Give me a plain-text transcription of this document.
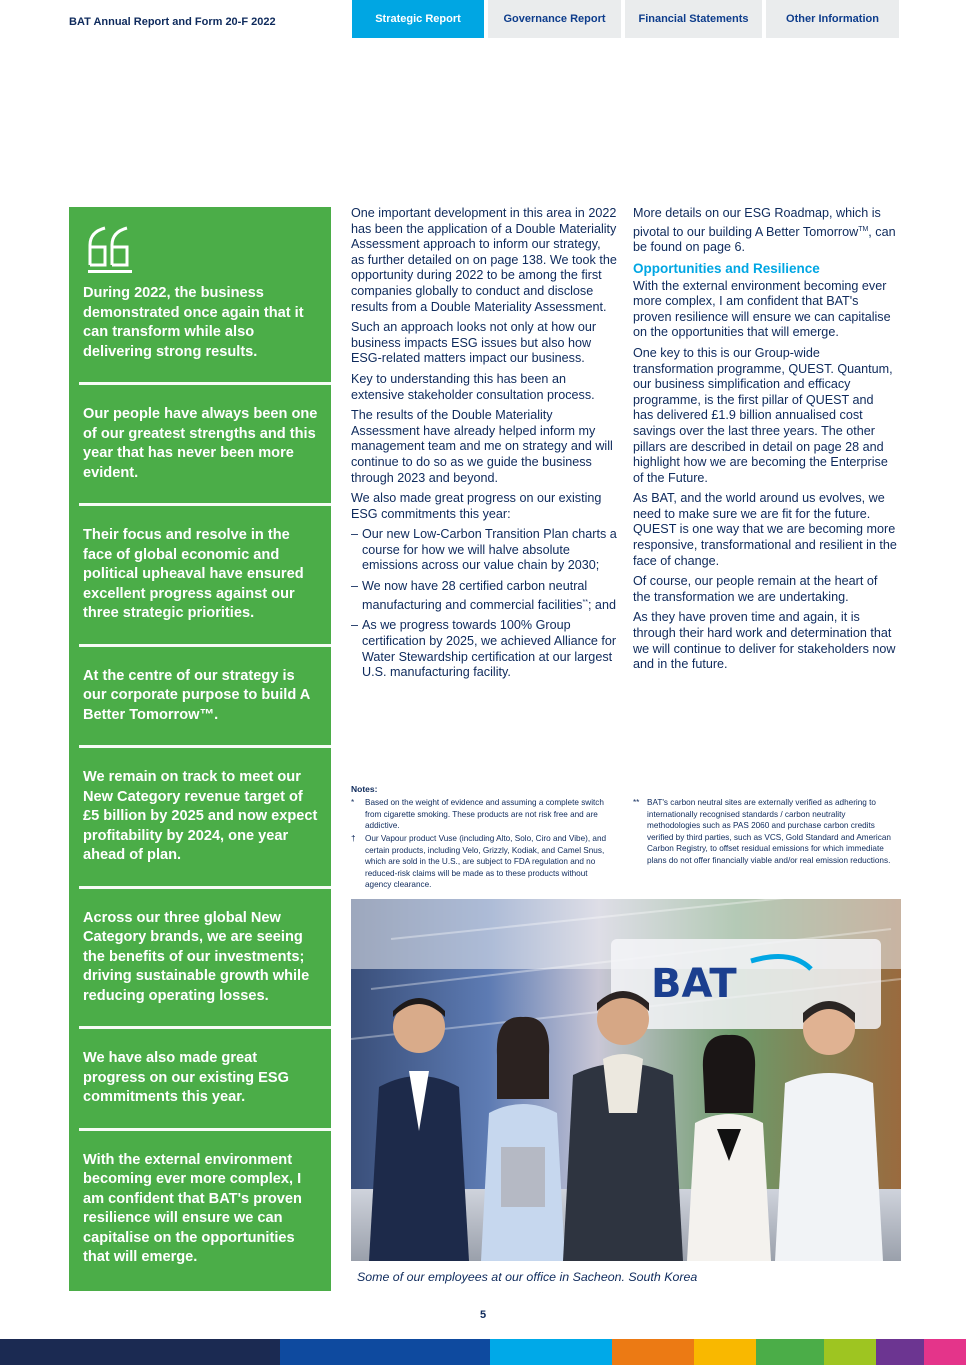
BAT Annual Report and Form 20-F 2022	Strategic Report	Governance Report	Financial Statements	Other Information
During 2022, the business demonstrated once again that it can transform while also delivering strong results.
Our people have always been one of our greatest strengths and this year that has never been more evident.
Their focus and resolve in the face of global economic and political upheaval have ensured excellent progress against our three strategic priorities.
At the centre of our strategy is our corporate purpose to build A Better Tomorrow™.
We remain on track to meet our New Category revenue target of £5 billion by 2025 and now expect profitability by 2024, one year ahead of plan.
Across our three global New Category brands, we are seeing the benefits of our investments; driving sustainable growth while reducing operating losses.
We have also made great progress on our existing ESG commitments this year.
With the external environment becoming ever more complex, I am confident that BAT's proven resilience will ensure we can capitalise on the opportunities that will emerge.

One important development in this area in 2022 has been the application of a Double Materiality Assessment approach to inform our strategy, as further detailed on on page 138. We took the opportunity during 2022 to be among the first companies globally to conduct and disclose results from a Double Materiality Assessment.

Such an approach looks not only at how our business impacts ESG issues but also how ESG-related matters impact our business.

Key to understanding this has been an extensive stakeholder consultation process.

The results of the Double Materiality Assessment have already helped inform my management team and me on strategy and will continue to do so as we guide the business through 2023 and beyond.

We also made great progress on our existing ESG commitments this year:

– Our new Low-Carbon Transition Plan charts a course for how we will halve absolute emissions across our value chain by 2030;
– We now have 28 certified carbon neutral manufacturing and commercial facilities**; and
– As we progress towards 100% Group certification by 2025, we achieved Alliance for Water Stewardship certification at our largest U.S. manufacturing facility.

More details on our ESG Roadmap, which is pivotal to our building A Better Tomorrow™, can be found on page 6.

Opportunities and Resilience

With the external environment becoming ever more complex, I am confident that BAT's proven resilience will ensure we can capitalise on the opportunities that will emerge.

One key to this is our Group-wide transformation programme, QUEST. Quantum, our business simplification and efficacy programme, is the first pillar of QUEST and has delivered £1.9 billion annualised cost savings over the last three years. The other pillars are described in detail on page 28 and highlight how we are becoming the Enterprise of the Future.

As BAT, and the world around us evolves, we need to make sure we are fit for the future. QUEST is one way that we are becoming more responsive, transformational and resilient in the face of change.

Of course, our people remain at the heart of the transformation we are undertaking.

As they have proven time and again, it is through their hard work and determination that we will continue to deliver for stakeholders now and in the future.

Notes:
*	Based on the weight of evidence and assuming a complete switch from cigarette smoking. These products are not risk free and are addictive.
†	Our Vapour product Vuse (including Alto, Solo, Ciro and Vibe), and certain products, including Velo, Grizzly, Kodiak, and Camel Snus, which are sold in the U.S., are subject to FDA regulation and no reduced-risk claims will be made as to these products without agency clearance.
** BAT's carbon neutral sites are externally verified as adhering to internationally recognised standards / carbon neutrality methodologies such as PAS 2060 and purchase carbon credits verified by third parties, such as VCS, Gold Standard and American Carbon Registry, to offset residual emissions for which immediate plans do not offer financially viable and/or real emission reductions.
BAT
Some of our employees at our office in Sacheon. South Korea
5
